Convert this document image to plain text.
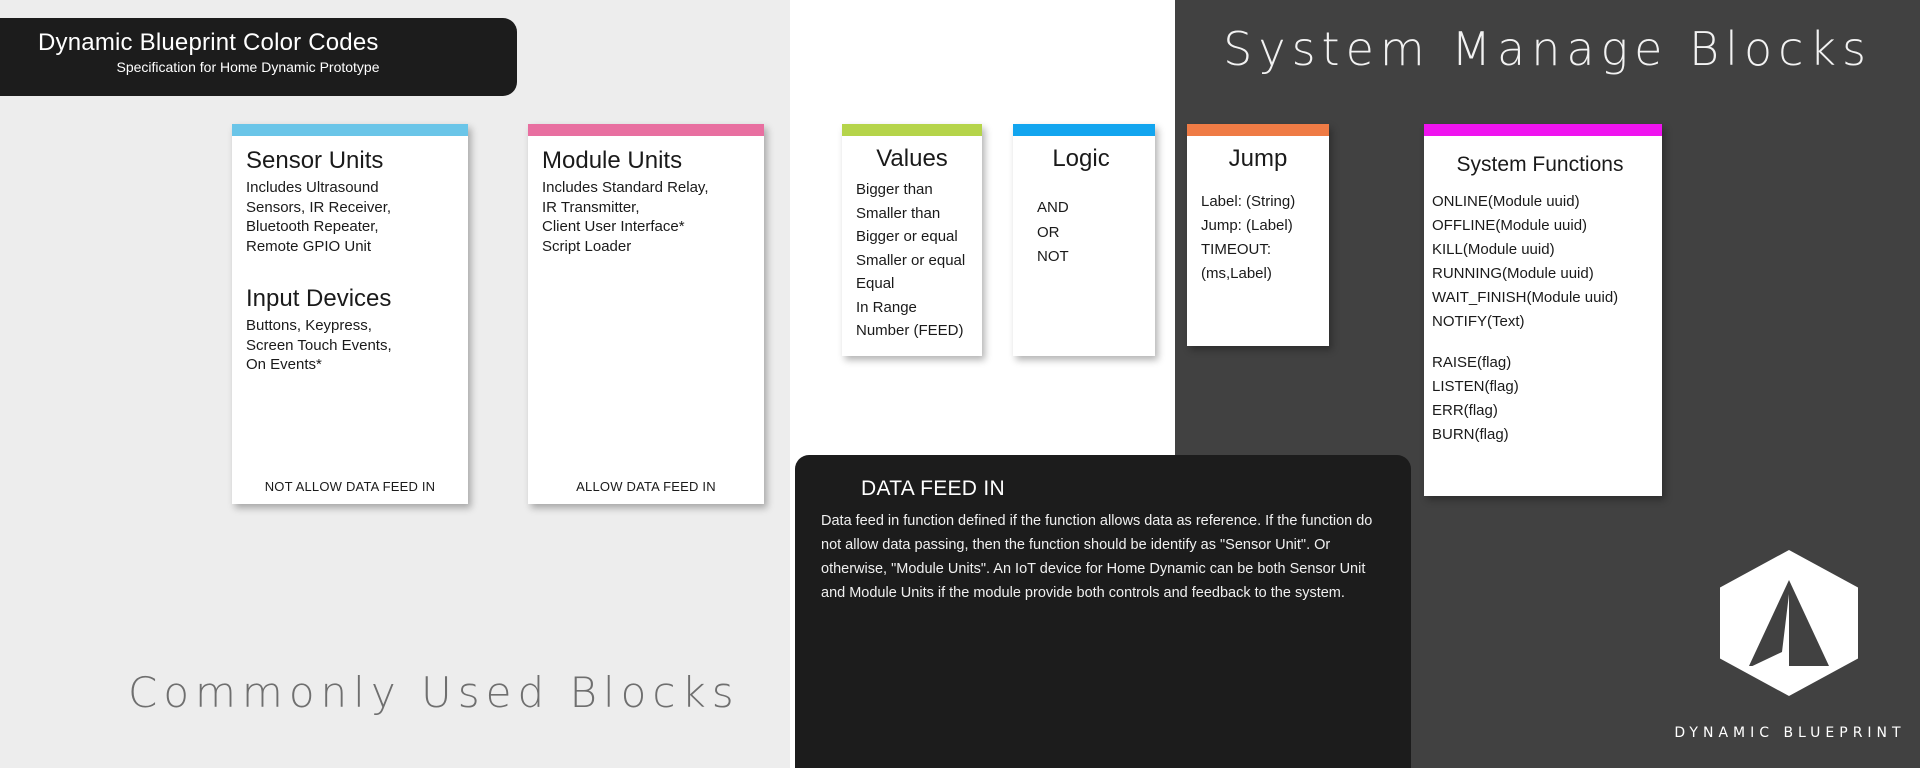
Dynamic Blueprint Color Codes
Specification for Home Dynamic Prototype	System Manage Blocks
Commonly Used Blocks
Sensor Units
Includes Ultrasound
Sensors, IR Receiver,
Bluetooth Repeater,
Remote GPIO Unit
Input Devices
Buttons, Keypress,
Screen Touch Events,
On Events*
NOT ALLOW DATA FEED IN
Module Units
Includes Standard Relay,
IR Transmitter,
Client User Interface*
Script Loader
ALLOW DATA FEED IN
Values
Bigger than
Smaller than
Bigger or equal
Smaller or equal
Equal
In Range
Number (FEED)
Logic
AND
OR
NOT
Jump
Label: (String)
Jump: (Label)
TIMEOUT:
(ms,Label)
System Functions
ONLINE(Module uuid)
OFFLINE(Module uuid)
KILL(Module uuid)
RUNNING(Module uuid)
WAIT_FINISH(Module uuid)
NOTIFY(Text)
RAISE(flag)
LISTEN(flag)
ERR(flag)
BURN(flag)
DATA FEED IN

Data feed in function defined if the function allows data as reference. If the function do not allow data passing, then the function should be identify as "Sensor Unit". Or otherwise, "Module Units". An IoT device for Home Dynamic can be both Sensor Unit and Module Units if the module provide both controls and feedback to the system.

DYNAMIC BLUEPRINT
